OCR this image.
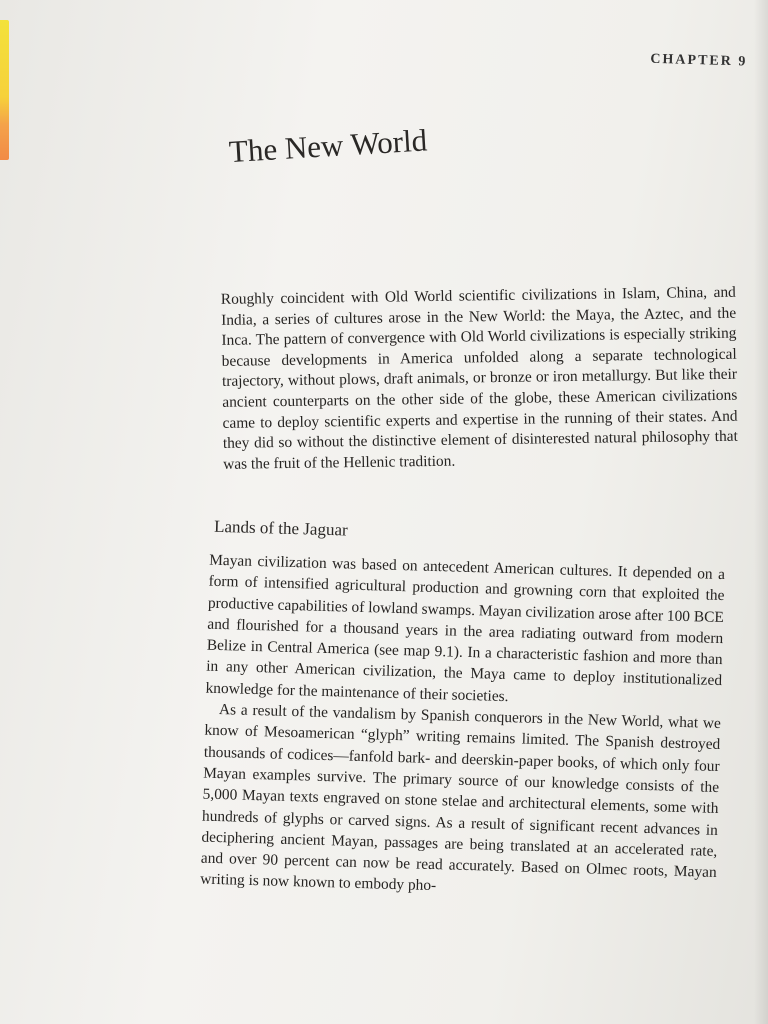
CHAPTER 9
The New World

Roughly coincident with Old World scientific civilizations in Islam, China, and India, a series of cultures arose in the New World: the Maya, the Aztec, and the Inca. The pattern of convergence with Old World civilizations is especially striking because developments in America unfolded along a separate technological trajectory, without plows, draft animals, or bronze or iron metallurgy. But like their ancient counterparts on the other side of the globe, these American civilizations came to deploy scientific experts and expertise in the running of their states. And they did so without the distinctive element of disinterested natural philosophy that was the fruit of the Hellenic tradition.

Lands of the Jaguar

Mayan civilization was based on antecedent American cultures. It depended on a form of intensified agricultural production and growning corn that exploited the productive capabilities of lowland swamps. Mayan civilization arose after 100 BCE and flourished for a thousand years in the area radiating outward from modern Belize in Central America (see map 9.1). In a characteristic fashion and more than in any other American civilization, the Maya came to deploy institutionalized knowledge for the maintenance of their societies.

As a result of the vandalism by Spanish conquerors in the New World, what we know of Mesoamerican “glyph” writing remains limited. The Spanish destroyed thousands of codices—fanfold bark- and deerskin-paper books, of which only four Mayan examples survive. The primary source of our knowledge consists of the 5,000 Mayan texts engraved on stone stelae and architectural elements, some with hundreds of glyphs or carved signs. As a result of significant recent advances in deciphering ancient Mayan, passages are being translated at an accelerated rate, and over 90 percent can now be read accurately. Based on Olmec roots, Mayan writing is now known to embody pho-
